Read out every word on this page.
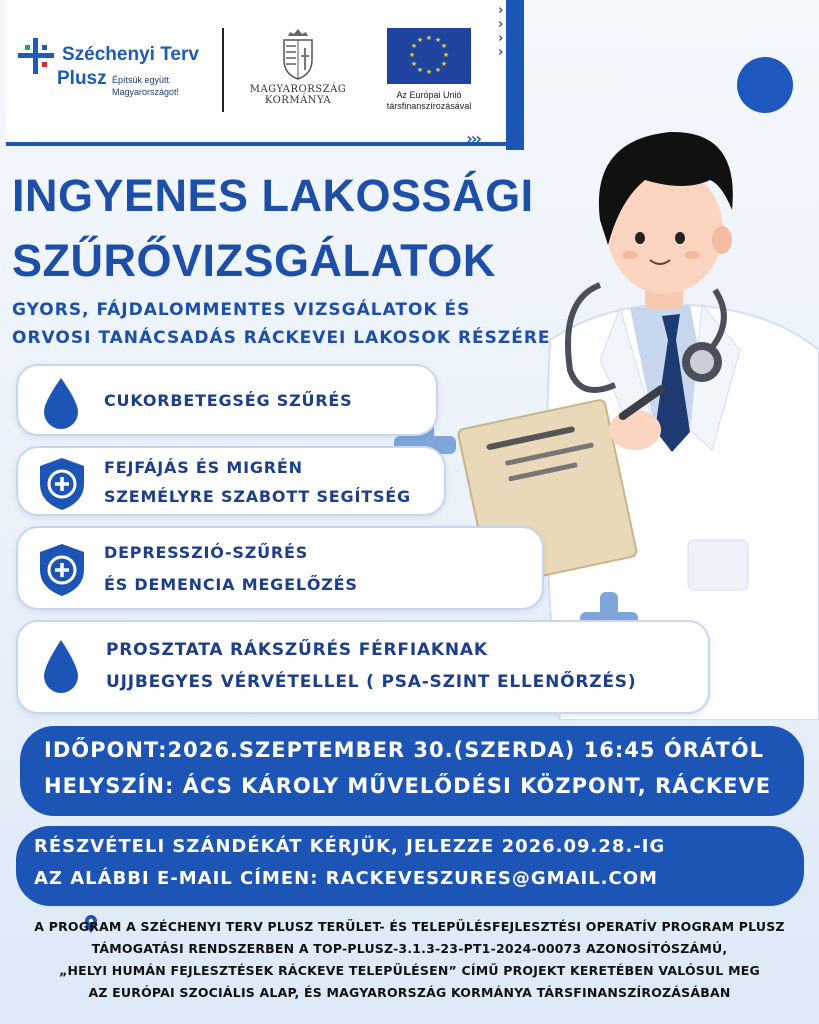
›
›
›
›
›››
Széchenyi Terv
Plusz Építsük együtt
Magyarországot!	MAGYARORSZÁG
KORMÁNYA
★ ★
★
★
★
★
★
★
★
★
★
★
Az Európai Unió
társfinanszírozásával
INGYENES LAKOSSÁGI
SZŰRŐVIZSGÁLATOK
GYORS, FÁJDALOMMENTES VIZSGÁLATOK ÉS
ORVOSI TANÁCSADÁS RÁCKEVEI LAKOSOK RÉSZÉRE
CUKORBETEGSÉG SZŰRÉS
FEJFÁJÁS ÉS MIGRÉN
SZEMÉLYRE SZABOTT SEGÍTSÉG
DEPRESSZIÓ-SZŰRÉS
ÉS DEMENCIA MEGELŐZÉS
PROSZTATA RÁKSZŰRÉS FÉRFIAKNAK
UJJBEGYES VÉRVÉTELLEL ( PSA-SZINT ELLENŐRZÉS)
IDŐPONT:2026.SZEPTEMBER 30.(SZERDA) 16:45 ÓRÁTÓL
HELYSZÍN: ÁCS KÁROLY MŰVELŐDÉSI KÖZPONT, RÁCKEVE
RÉSZVÉTELI SZÁNDÉKÁT KÉRJÜK, JELEZZE 2026.09.28.-IG
AZ ALÁBBI E-MAIL CÍMEN: RACKEVESZURES@GMAIL.COM
A PROGRAM A SZÉCHENYI TERV PLUSZ TERÜLET- ÉS TELEPÜLÉSFEJLESZTÉSI OPERATÍV PROGRAM PLUSZ
TÁMOGATÁSI RENDSZERBEN A TOP-PLUSZ-3.1.3-23-PT1-2024-00073 AZONOSÍTÓSZÁMÚ,
„HELYI HUMÁN FEJLESZTÉSEK RÁCKEVE TELEPÜLÉSEN” CÍMŰ PROJEKT KERETÉBEN VALÓSUL MEG
AZ EURÓPAI SZOCIÁLIS ALAP, ÉS MAGYARORSZÁG KORMÁNYA TÁRSFINANSZÍROZÁSÁBAN
